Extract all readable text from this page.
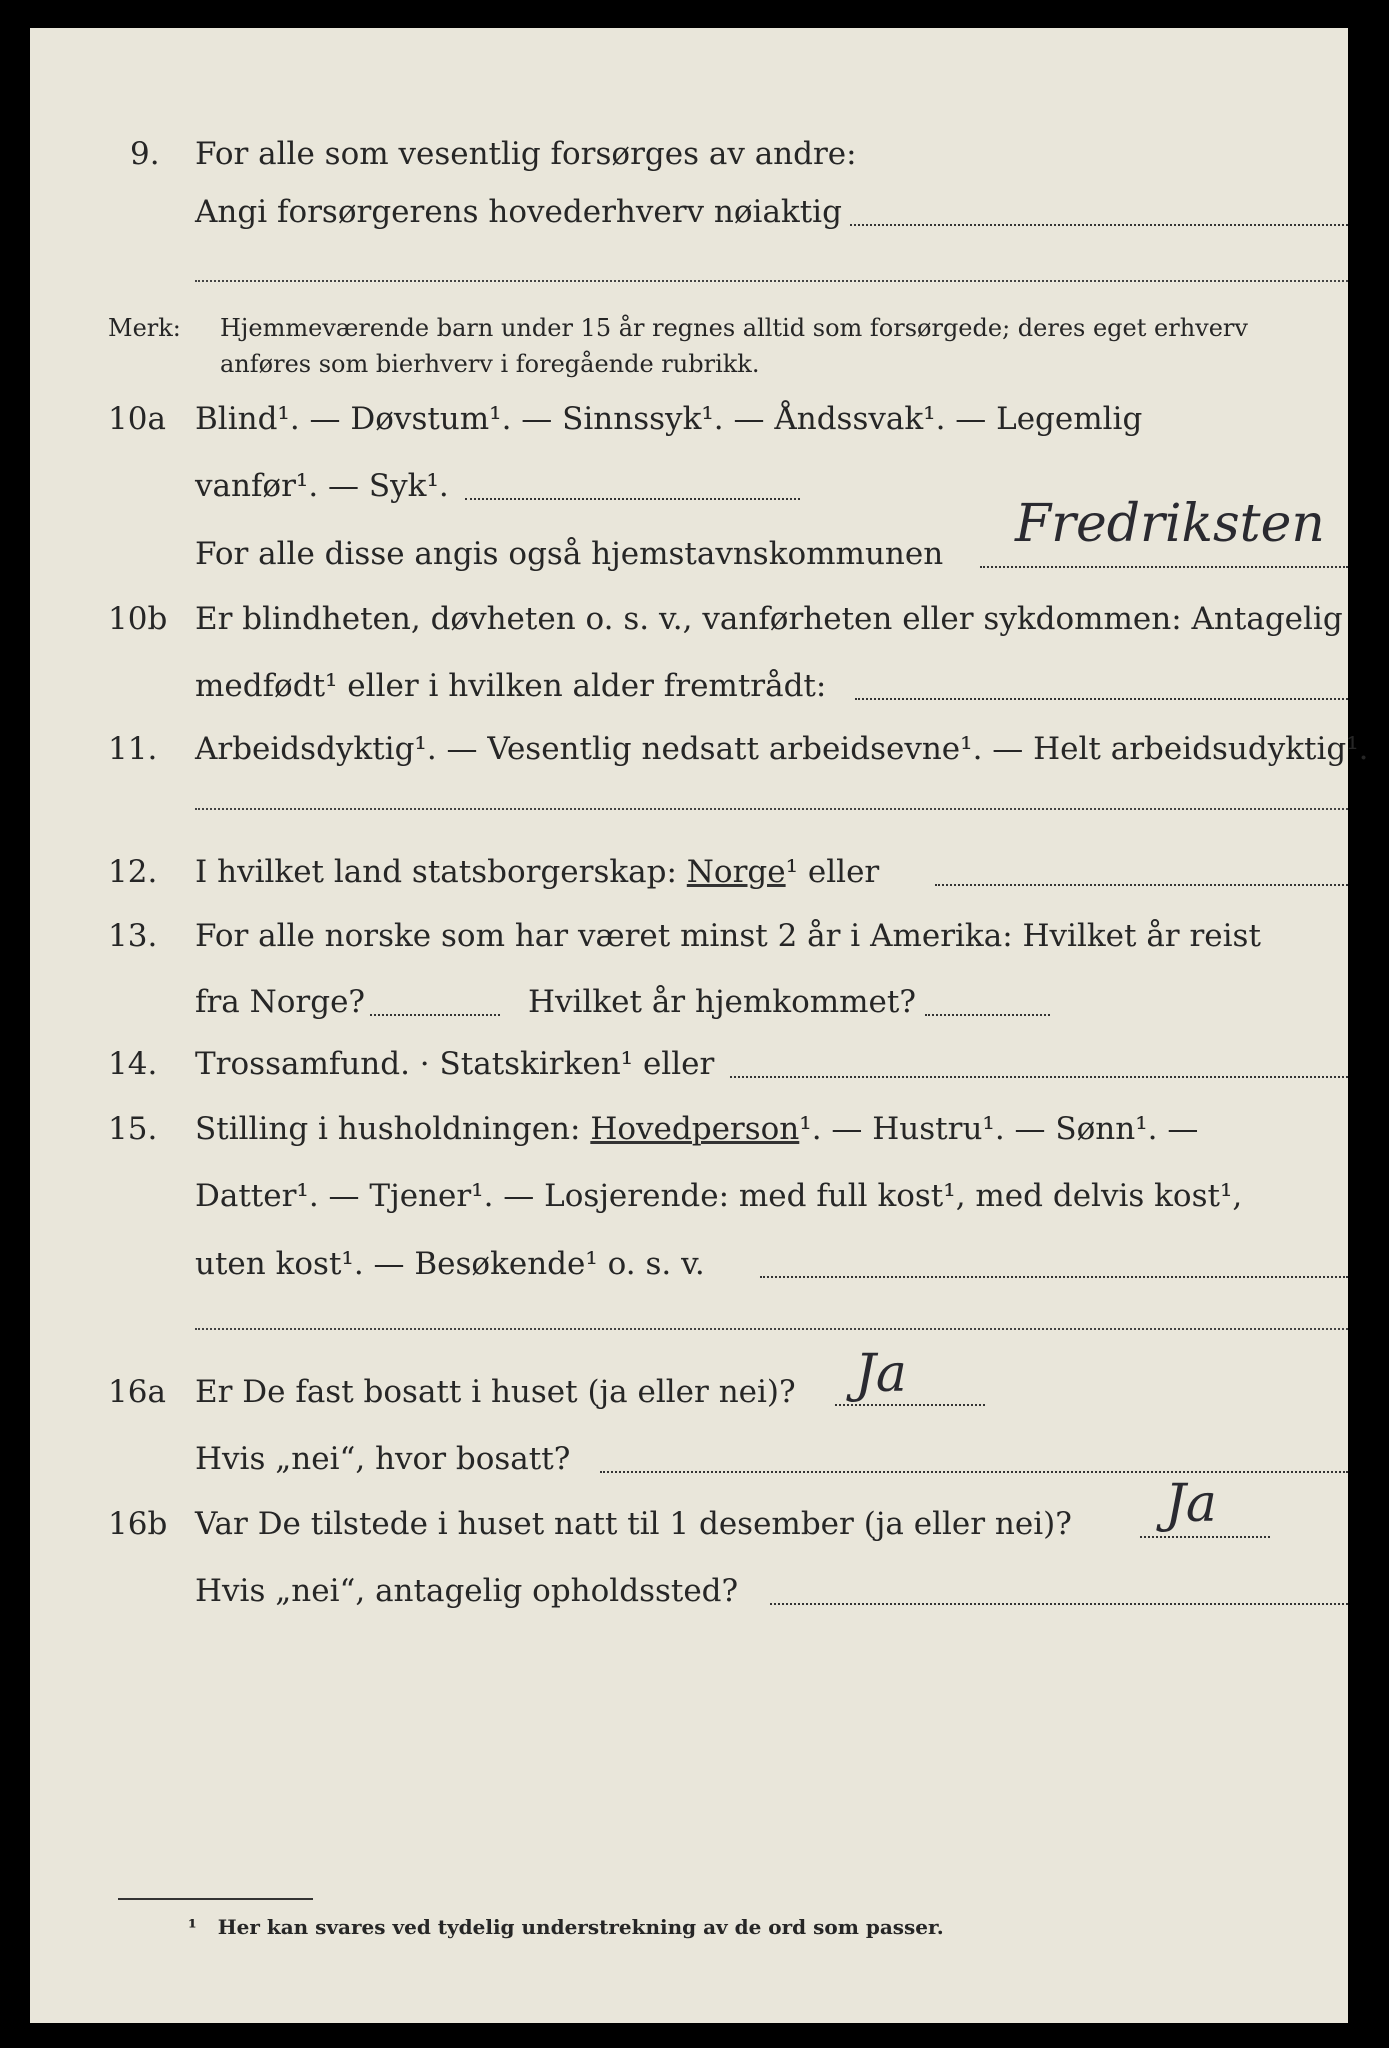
9. For alle som vesentlig forsørges av andre:
Angi forsørgerens hovederhverv nøiaktig
Merk: Hjemmeværende barn under 15 år regnes alltid som forsørgede; deres eget erhverv
anføres som bierhverv i foregående rubrikk.
10a Blind¹. — Døvstum¹. — Sinnssyk¹. — Åndssvak¹. — Legemlig
vanfør¹. — Syk¹.
For alle disse angis også hjemstavnskommunen Fredriksten
10b Er blindheten, døvheten o. s. v., vanførheten eller sykdommen: Antagelig
medfødt¹ eller i hvilken alder fremtrådt:
11. Arbeidsdyktig¹. — Vesentlig nedsatt arbeidsevne¹. — Helt arbeidsudyktig¹.
12. I hvilket land statsborgerskap: Norge¹ eller
13. For alle norske som har været minst 2 år i Amerika: Hvilket år reist
fra Norge?	Hvilket år hjemkommet?
14. Trossamfund. · Statskirken¹ eller
15. Stilling i husholdningen: Hovedperson¹. — Hustru¹. — Sønn¹. —
Datter¹. — Tjener¹. — Losjerende: med full kost¹, med delvis kost¹,
uten kost¹. — Besøkende¹ o. s. v.
16a Er De fast bosatt i huset (ja eller nei)? Ja
Hvis „nei“, hvor bosatt?
16b Var De tilstede i huset natt til 1 desember (ja eller nei)? Ja
Hvis „nei“, antagelig opholdssted?
¹ Her kan svares ved tydelig understrekning av de ord som passer.
